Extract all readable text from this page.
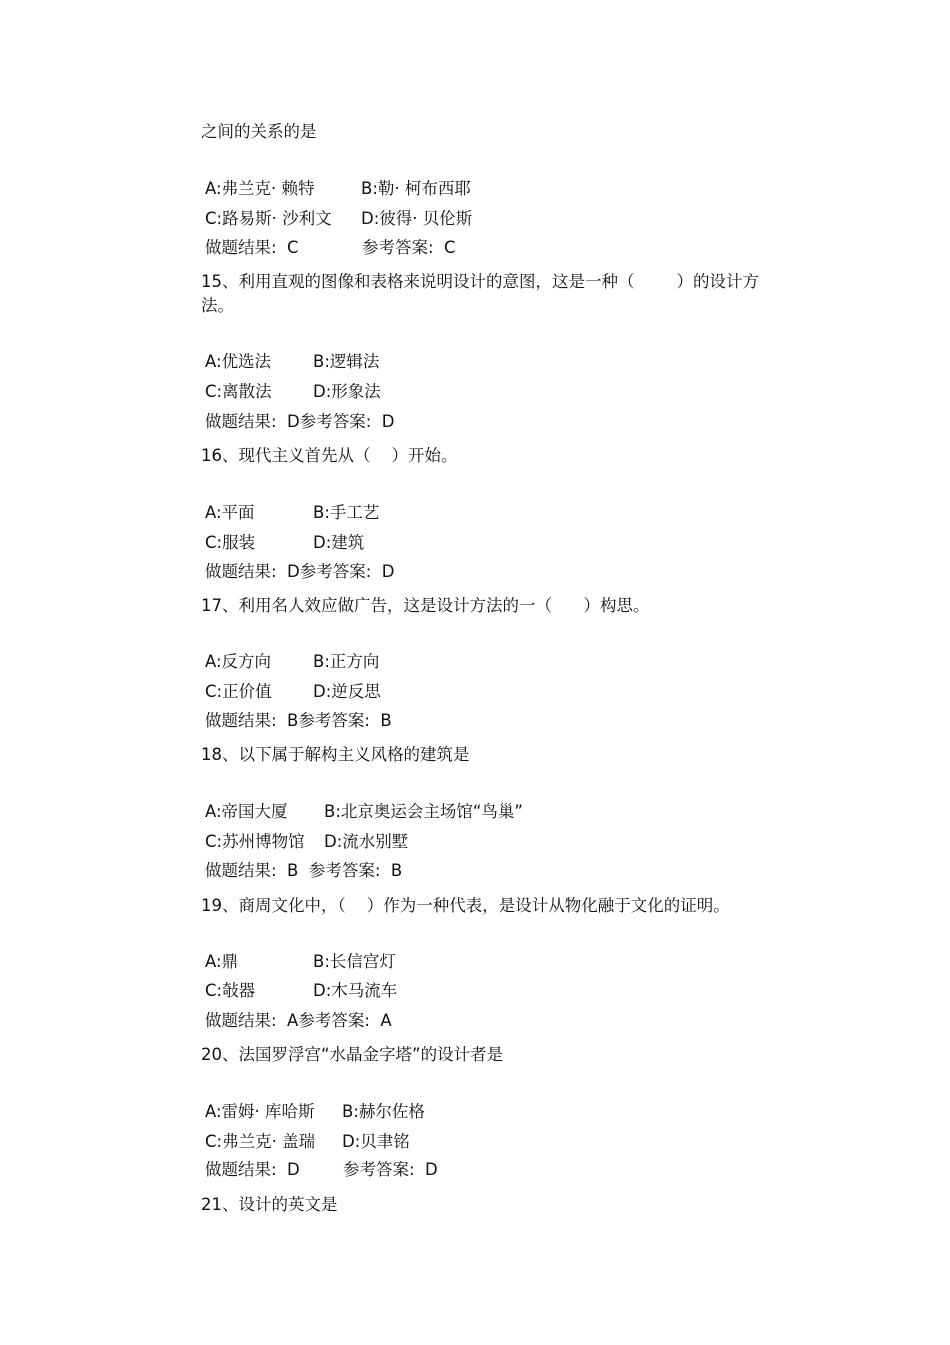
之间的关系的是
A:弗兰克· 赖特	B:勒· 柯布西耶
C:路易斯· 沙利文 D:彼得· 贝伦斯
做题结果:  C	参考答案:  C
15、利用直观的图像和表格来说明设计的意图，这是一种（        ）的设计方
法。
A:优选法	B:逻辑法
C:离散法	D:形象法
做题结果:  D参考答案:  D
16、现代主义首先从（    ）开始。
A:平面	B:手工艺
C:服装	D:建筑
做题结果:  D参考答案:  D
17、利用名人效应做广告，这是设计方法的一（      ）构思。
A:反方向	B:正方向
C:正价值	D:逆反思
做题结果:  B参考答案:  B
18、以下属于解构主义风格的建筑是
A:帝国大厦 B:北京奥运会主场馆“鸟巢”
C:苏州博物馆 D:流水别墅
做题结果:  B  参考答案:  B
19、商周文化中，（    ）作为一种代表，是设计从物化融于文化的证明。
A:鼎	B:长信宫灯
C:敧器	D:木马流车
做题结果:  A参考答案:  A
20、法国罗浮宫“水晶金字塔”的设计者是
A:雷姆· 库哈斯 B:赫尔佐格
C:弗兰克· 盖瑞 D:贝聿铭
做题结果:  D	参考答案:  D
21、设计的英文是
